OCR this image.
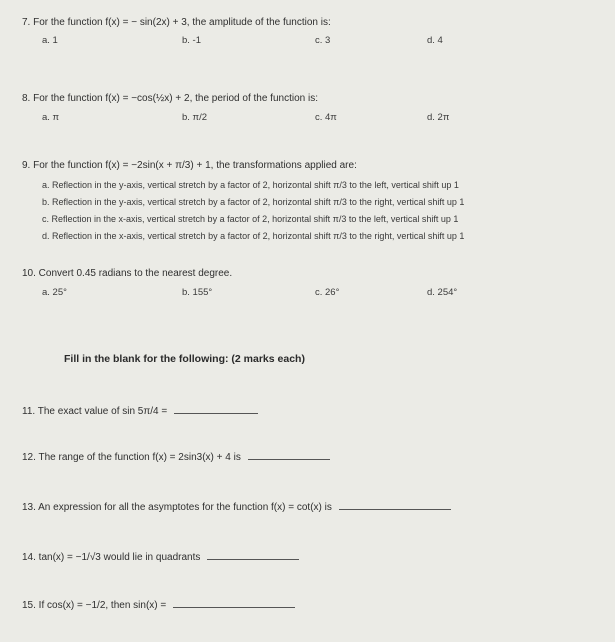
7. For the function f(x) = − sin(2x) + 3, the amplitude of the function is:
a. 1	b. -1	c. 3	d. 4
8. For the function f(x) = −cos(½x) + 2, the period of the function is:
a. π	b. π/2	c. 4π	d. 2π
9. For the function f(x) = −2sin(x + π/3) + 1, the transformations applied are:
a. Reflection in the y-axis, vertical stretch by a factor of 2, horizontal shift π/3 to the left, vertical shift up 1
b. Reflection in the y-axis, vertical stretch by a factor of 2, horizontal shift π/3 to the right, vertical shift up 1
c. Reflection in the x-axis, vertical stretch by a factor of 2, horizontal shift π/3 to the left, vertical shift up 1
d. Reflection in the x-axis, vertical stretch by a factor of 2, horizontal shift π/3 to the right, vertical shift up 1
10. Convert 0.45 radians to the nearest degree.
a. 25°	b. 155°	c. 26°	d. 254°
Fill in the blank for the following: (2 marks each)
11. The exact value of sin 5π/4 =
12. The range of the function f(x) = 2sin3(x) + 4 is
13. An expression for all the asymptotes for the function f(x) = cot(x) is
14. tan(x) = −1/√3 would lie in quadrants
15. If cos(x) = −1/2, then sin(x) =
